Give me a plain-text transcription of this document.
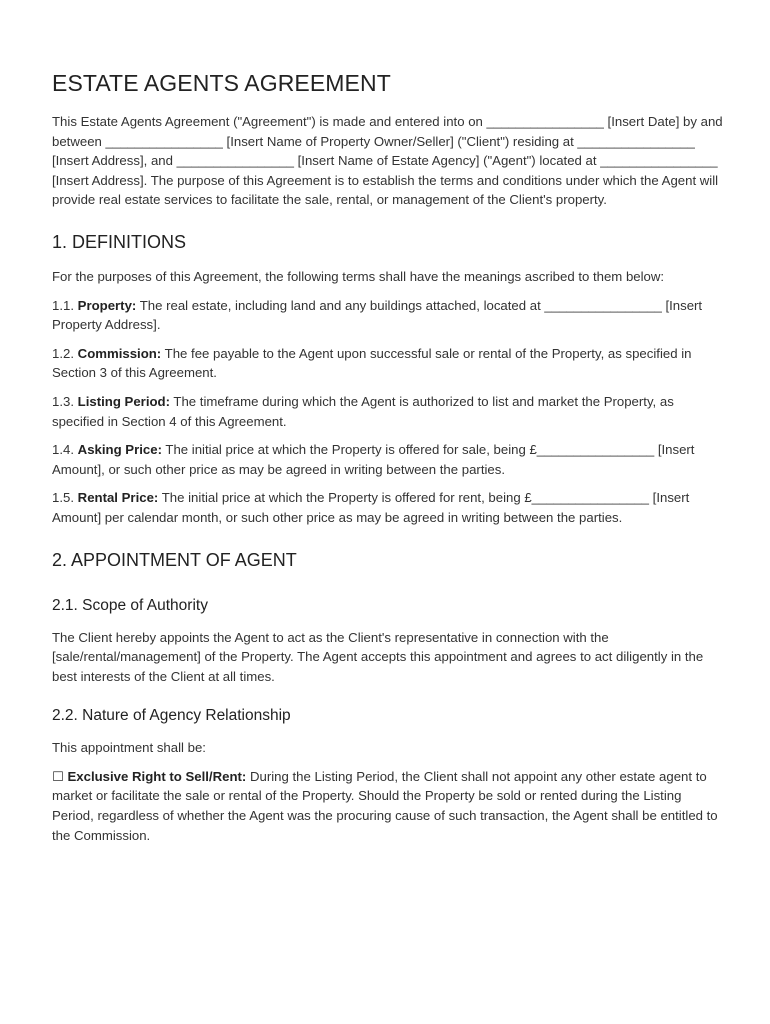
ESTATE AGENTS AGREEMENT

This Estate Agents Agreement ("Agreement") is made and entered into on ________________ [Insert Date] by and between ________________ [Insert Name of Property Owner/Seller] ("Client") residing at ________________ [Insert Address], and ________________ [Insert Name of Estate Agency] ("Agent") located at ________________ [Insert Address]. The purpose of this Agreement is to establish the terms and conditions under which the Agent will provide real estate services to facilitate the sale, rental, or management of the Client's property.

1. DEFINITIONS

For the purposes of this Agreement, the following terms shall have the meanings ascribed to them below:

1.1. Property: The real estate, including land and any buildings attached, located at ________________ [Insert Property Address].

1.2. Commission: The fee payable to the Agent upon successful sale or rental of the Property, as specified in Section 3 of this Agreement.

1.3. Listing Period: The timeframe during which the Agent is authorized to list and market the Property, as specified in Section 4 of this Agreement.

1.4. Asking Price: The initial price at which the Property is offered for sale, being £________________ [Insert Amount], or such other price as may be agreed in writing between the parties.

1.5. Rental Price: The initial price at which the Property is offered for rent, being £________________ [Insert Amount] per calendar month, or such other price as may be agreed in writing between the parties.

2. APPOINTMENT OF AGENT
2.1. Scope of Authority

The Client hereby appoints the Agent to act as the Client's representative in connection with the [sale/rental/management] of the Property. The Agent accepts this appointment and agrees to act diligently in the best interests of the Client at all times.

2.2. Nature of Agency Relationship

This appointment shall be:

☐ Exclusive Right to Sell/Rent: During the Listing Period, the Client shall not appoint any other estate agent to market or facilitate the sale or rental of the Property. Should the Property be sold or rented during the Listing Period, regardless of whether the Agent was the procuring cause of such transaction, the Agent shall be entitled to the Commission.
